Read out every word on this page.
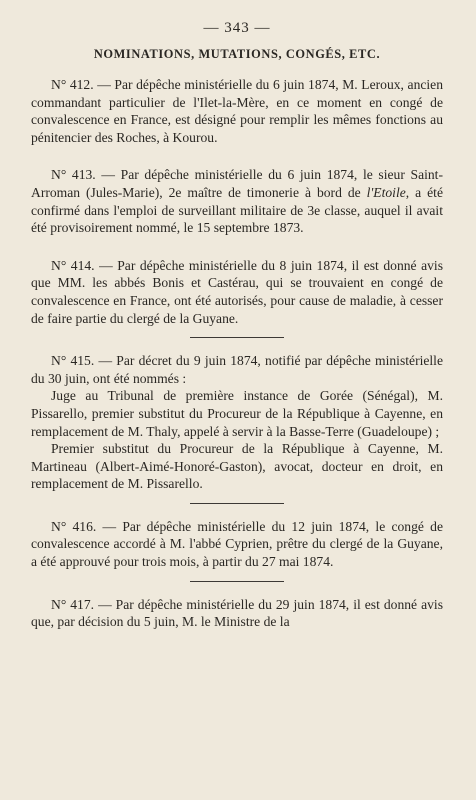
— 343 —
NOMINATIONS, MUTATIONS, CONGÉS, ETC.

N° 412. — Par dépêche ministérielle du 6 juin 1874, M. Leroux, ancien commandant particulier de l'Ilet-la-Mère, en ce moment en congé de convalescence en France, est désigné pour remplir les mêmes fonctions au pénitencier des Roches, à Kourou.

N° 413. — Par dépêche ministérielle du 6 juin 1874, le sieur Saint-Arroman (Jules-Marie), 2e maître de timonerie à bord de l'Etoile, a été confirmé dans l'emploi de surveillant militaire de 3e classe, auquel il avait été provisoirement nommé, le 15 septembre 1873.

N° 414. — Par dépêche ministérielle du 8 juin 1874, il est donné avis que MM. les abbés Bonis et Castérau, qui se trouvaient en congé de convalescence en France, ont été autorisés, pour cause de maladie, à cesser de faire partie du clergé de la Guyane.

N° 415. — Par décret du 9 juin 1874, notifié par dépêche ministérielle du 30 juin, ont été nommés :

Juge au Tribunal de première instance de Gorée (Sénégal), M. Pissarello, premier substitut du Procureur de la République à Cayenne, en remplacement de M. Thaly, appelé à servir à la Basse-Terre (Guadeloupe) ;

Premier substitut du Procureur de la République à Cayenne, M. Martineau (Albert-Aimé-Honoré-Gaston), avocat, docteur en droit, en remplacement de M. Pissarello.

N° 416. — Par dépêche ministérielle du 12 juin 1874, le congé de convalescence accordé à M. l'abbé Cyprien, prêtre du clergé de la Guyane, a été approuvé pour trois mois, à partir du 27 mai 1874.

N° 417. — Par dépêche ministérielle du 29 juin 1874, il est donné avis que, par décision du 5 juin, M. le Ministre de la
